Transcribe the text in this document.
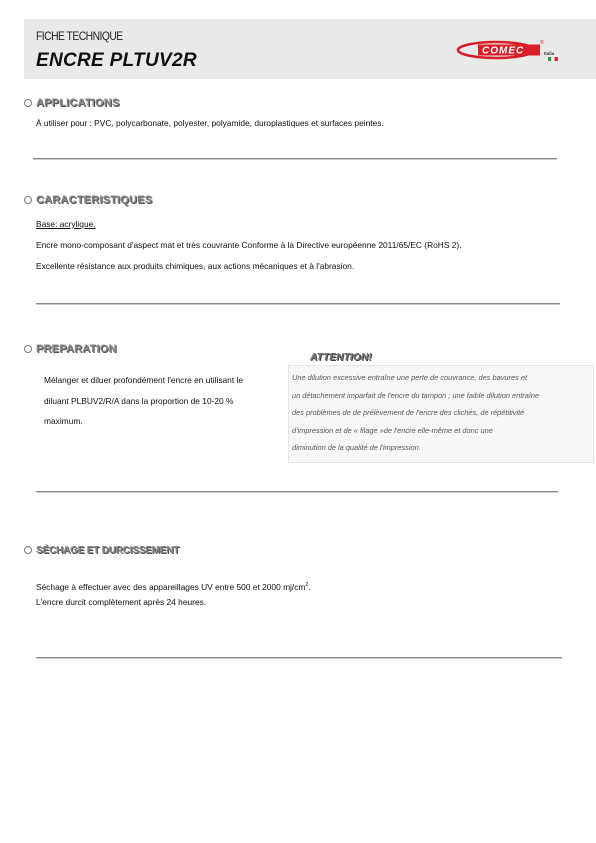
FICHE TECHNIQUE
ENCRE PLTUV2R	COMEC
®
Italia
APPLICATIONS
À utiliser pour : PVC, polycarbonate, polyester, polyamide, duroplastiques et surfaces peintes.
CARACTERISTIQUES
Base: acrylique.
Encre mono-composant d'aspect mat et très couvrante Conforme à la Directive européenne 2011/65/EC (RoHS 2).
Excellente résistance aux produits chimiques, aux actions mécaniques et à l'abrasion.
PREPARATION
Mélanger et diluer profondément l'encre en utilisant le
diluant PLBUV2/R/A dans la proportion de 10-20 %
maximum.
ATTENTION!
Une dilution excessive entraîne une perte de couvrance, des bavures et
un détachement imparfait de l'encre du tampon ; une faible dilution entraîne
des problèmes de de prélèvement de l'encre des clichés, de répétitivité
d'impression et de « filage »de l'encre elle-même et donc une
diminution de la qualité de l'impression.
SÉCHAGE ET DURCISSEMENT
Séchage à effectuer avec des appareillages UV entre 500 et 2000 $mj/cm^2$.
L'encre durcit complètement après 24 heures.
